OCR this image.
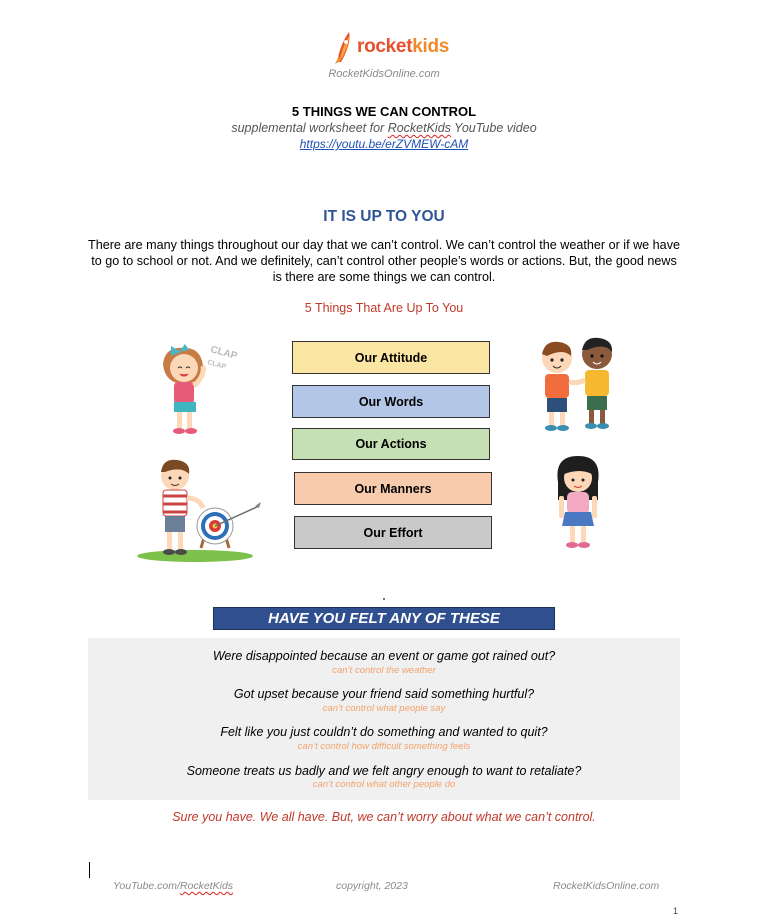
rocketkids
RocketKidsOnline.com
5 THINGS WE CAN CONTROL
supplemental worksheet for RocketKids YouTube video
https://youtu.be/erZVMEW-cAM
IT IS UP TO YOU
There are many things throughout our day that we can’t control. We can’t control the weather or if we have to go to school or not. And we definitely, can’t control other people’s words or actions. But, the good news is there are some things we can control.
5 Things That Are Up To You
Our Attitude
Our Words
Our Actions
Our Manners
Our Effort
CLAP
CLAP
HAVE YOU FELT ANY OF THESE
Were disappointed because an event or game got rained out?
can’t control the weather
Got upset because your friend said something hurtful?
can’t control what people say
Felt like you just couldn’t do something and wanted to quit?
can’t control how difficult something feels
Someone treats us badly and we felt angry enough to want to retaliate?
can’t control what other people do
Sure you have. We all have. But, we can’t worry about what we can’t control.
YouTube.com/RocketKids	copyright, 2023	RocketKidsOnline.com
1
